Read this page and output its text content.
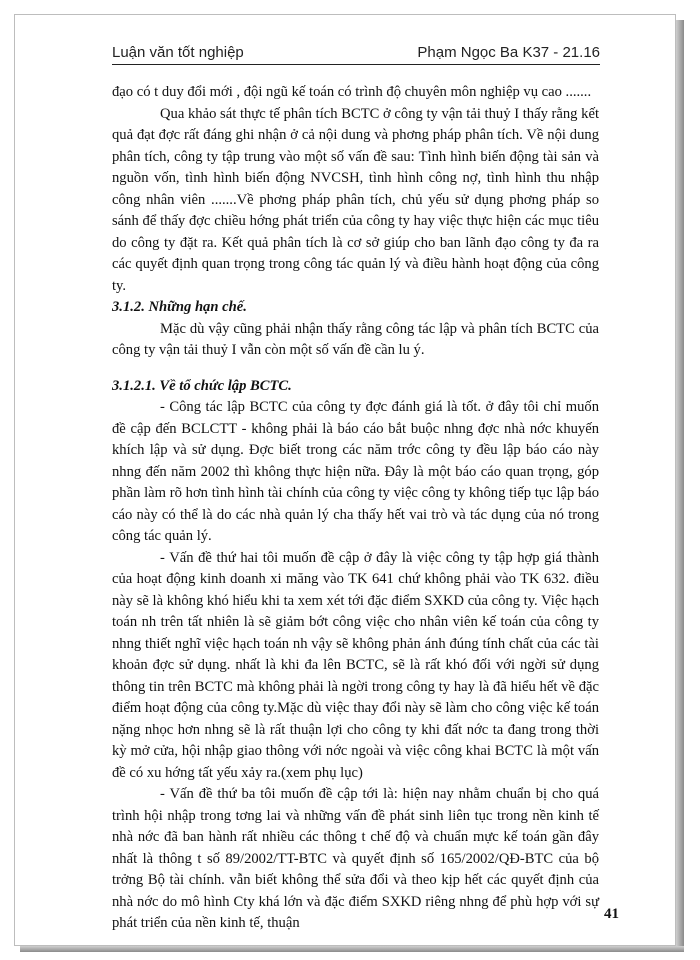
Luận văn tốt nghiệp	Phạm Ngọc Ba K37 - 21.16

đạo có t duy đổi mới , đội ngũ kế toán có trình độ chuyên môn nghiệp vụ cao .......

Qua khảo sát thực tế phân tích BCTC ở công ty vận tải thuỷ I thấy rằng kết quả đạt đợc rất đáng ghi nhận ở cả nội dung và phơng pháp phân tích. Về nội dung phân tích, công ty tập trung vào một số vấn đề sau: Tình hình biến động tài sản và nguồn vốn, tình hình biến động NVCSH, tình hình công nợ, tình hình thu nhập công nhân viên .......Về phơng pháp phân tích, chủ yếu sử dụng phơng pháp so sánh để thấy đợc chiều hớng phát triển của công ty hay việc thực hiện các mục tiêu do công ty đặt ra. Kết quả phân tích là cơ sở giúp cho ban lãnh đạo công ty đa ra các quyết định quan trọng trong công tác quản lý và điều hành hoạt động của công ty.

3.1.2. Những hạn chế.

Mặc dù vậy cũng phải nhận thấy rằng công tác lập và phân tích BCTC của công ty vận tải thuỷ I vẫn còn một số vấn đề cần lu ý.

3.1.2.1. Về tổ chức lập BCTC.

- Công tác lập BCTC của công ty đợc đánh giá là tốt. ở đây tôi chỉ muốn đề cập đến BCLCTT - không phải là báo cáo bắt buộc nhng đợc nhà nớc khuyến khích lập và sử dụng. Đợc biết trong các năm trớc công ty đều lập báo cáo này nhng đến năm 2002 thì không thực hiện nữa. Đây là một báo cáo quan trọng, góp phần làm rõ hơn tình hình tài chính của công ty việc công ty không tiếp tục lập báo cáo này có thể là do các nhà quản lý cha thấy hết vai trò và tác dụng của nó trong công tác quản lý.

- Vấn đề thứ hai tôi muốn đề cập ở đây là việc công ty tập hợp giá thành của hoạt động kinh doanh xi măng vào TK 641 chứ không phải vào TK 632. điều này sẽ là không khó hiểu khi ta xem xét tới đặc điểm SXKD của công ty. Việc hạch toán nh trên tất nhiên là sẽ giảm bớt công việc cho nhân viên kế toán của công ty nhng thiết nghĩ việc hạch toán nh vậy sẽ không phản ánh đúng tính chất của các tài khoản đợc sử dụng. nhất là khi đa lên BCTC, sẽ là rất khó đối với ngời sử dụng thông tin trên BCTC mà không phải là ngời trong công ty hay là đã hiểu hết về đặc điểm hoạt động của công ty.Mặc dù việc thay đổi này sẽ làm cho công việc kế toán nặng nhọc hơn nhng sẽ là rất thuận lợi cho công ty khi đất nớc ta đang trong thời kỳ mở cửa, hội nhập giao thông với nớc ngoài và việc công khai BCTC là một vấn đề có xu hớng tất yếu xảy ra.(xem phụ lục)

- Vấn đề thứ ba tôi muốn đề cập tới là: hiện nay nhằm chuẩn bị cho quá trình hội nhập trong tơng lai và những vấn đề phát sinh liên tục trong nền kinh tế nhà nớc đã ban hành rất nhiều các thông t chế độ và chuẩn mực kế toán gần đây nhất là thông t số 89/2002/TT-BTC và quyết định số 165/2002/QĐ-BTC của bộ trởng Bộ tài chính. vẫn biết không thể sửa đổi và theo kịp hết các quyết định của nhà nớc do mô hình Cty khá lớn và đặc điểm SXKD riêng nhng để phù hợp với sự phát triển của nền kinh tế, thuận

41
